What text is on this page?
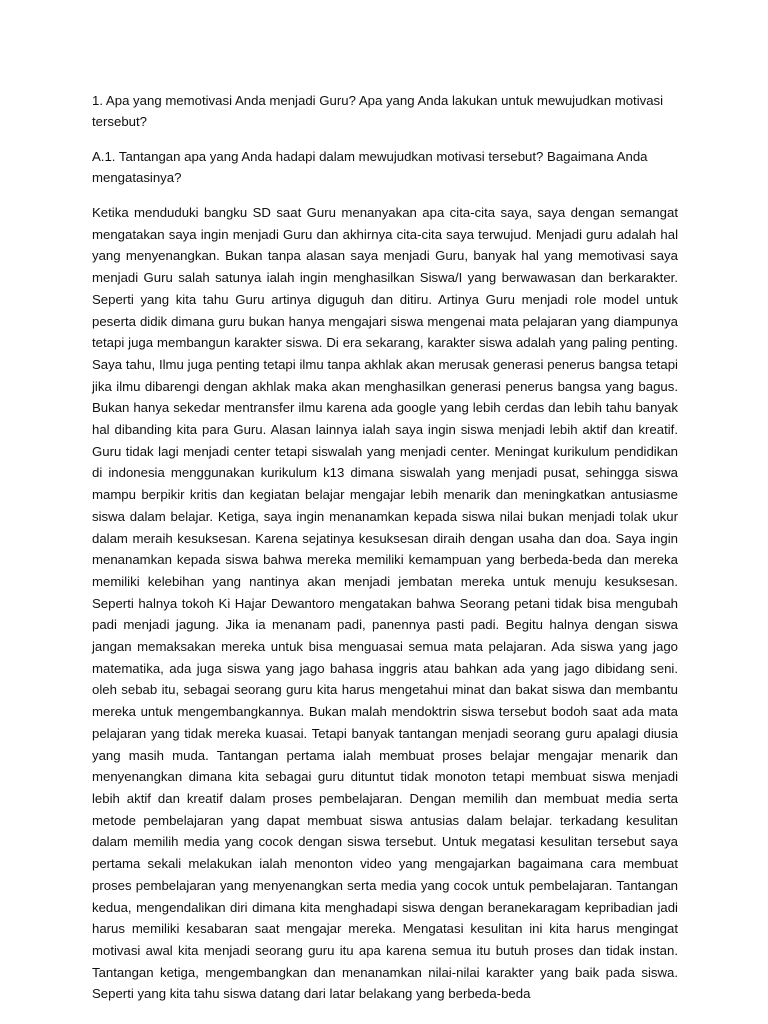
1. Apa yang memotivasi Anda menjadi Guru? Apa yang Anda lakukan untuk mewujudkan motivasi tersebut?

A.1. Tantangan apa yang Anda hadapi dalam mewujudkan motivasi tersebut? Bagaimana Anda mengatasinya?

Ketika menduduki bangku SD saat Guru menanyakan apa cita-cita saya, saya dengan semangat mengatakan saya ingin menjadi Guru dan akhirnya cita-cita saya terwujud. Menjadi guru adalah hal yang menyenangkan. Bukan tanpa alasan saya menjadi Guru, banyak hal yang memotivasi saya menjadi Guru salah satunya ialah ingin menghasilkan Siswa/I yang berwawasan dan berkarakter. Seperti yang kita tahu Guru artinya diguguh dan ditiru. Artinya Guru menjadi role model untuk peserta didik dimana guru bukan hanya mengajari siswa mengenai mata pelajaran yang diampunya tetapi juga membangun karakter siswa. Di era sekarang, karakter siswa adalah yang paling penting. Saya tahu, Ilmu juga penting tetapi ilmu tanpa akhlak akan merusak generasi penerus bangsa tetapi jika ilmu dibarengi dengan akhlak maka akan menghasilkan generasi penerus bangsa yang bagus. Bukan hanya sekedar mentransfer ilmu karena ada google yang lebih cerdas dan lebih tahu banyak hal dibanding kita para Guru. Alasan lainnya ialah saya ingin siswa menjadi lebih aktif dan kreatif. Guru tidak lagi menjadi center tetapi siswalah yang menjadi center. Meningat kurikulum pendidikan di indonesia menggunakan kurikulum k13 dimana siswalah yang menjadi pusat, sehingga siswa mampu berpikir kritis dan kegiatan belajar mengajar lebih menarik dan meningkatkan antusiasme siswa dalam belajar. Ketiga, saya ingin menanamkan kepada siswa nilai bukan menjadi tolak ukur dalam meraih kesuksesan. Karena sejatinya kesuksesan diraih dengan usaha dan doa. Saya ingin menanamkan kepada siswa bahwa mereka memiliki kemampuan yang berbeda-beda dan mereka memiliki kelebihan yang nantinya akan menjadi jembatan mereka untuk menuju kesuksesan. Seperti halnya tokoh Ki Hajar Dewantoro mengatakan bahwa Seorang petani tidak bisa mengubah padi menjadi jagung. Jika ia menanam padi, panennya pasti padi. Begitu halnya dengan siswa jangan memaksakan mereka untuk bisa menguasai semua mata pelajaran. Ada siswa yang jago matematika, ada juga siswa yang jago bahasa inggris atau bahkan ada yang jago dibidang seni. oleh sebab itu, sebagai seorang guru kita harus mengetahui minat dan bakat siswa dan membantu mereka untuk mengembangkannya. Bukan malah mendoktrin siswa tersebut bodoh saat ada mata pelajaran yang tidak mereka kuasai. Tetapi banyak tantangan menjadi seorang guru apalagi diusia yang masih muda. Tantangan pertama ialah membuat proses belajar mengajar menarik dan menyenangkan dimana kita sebagai guru dituntut tidak monoton tetapi membuat siswa menjadi lebih aktif dan kreatif dalam proses pembelajaran. Dengan memilih dan membuat media serta metode pembelajaran yang dapat membuat siswa antusias dalam belajar. terkadang kesulitan dalam memilih media yang cocok dengan siswa tersebut. Untuk megatasi kesulitan tersebut saya pertama sekali melakukan ialah menonton video yang mengajarkan bagaimana cara membuat proses pembelajaran yang menyenangkan serta media yang cocok untuk pembelajaran. Tantangan kedua, mengendalikan diri dimana kita menghadapi siswa dengan beranekaragam kepribadian jadi harus memiliki kesabaran saat mengajar mereka. Mengatasi kesulitan ini kita harus mengingat motivasi awal kita menjadi seorang guru itu apa karena semua itu butuh proses dan tidak instan. Tantangan ketiga, mengembangkan dan menanamkan nilai-nilai karakter yang baik pada siswa. Seperti yang kita tahu siswa datang dari latar belakang yang berbeda-beda
